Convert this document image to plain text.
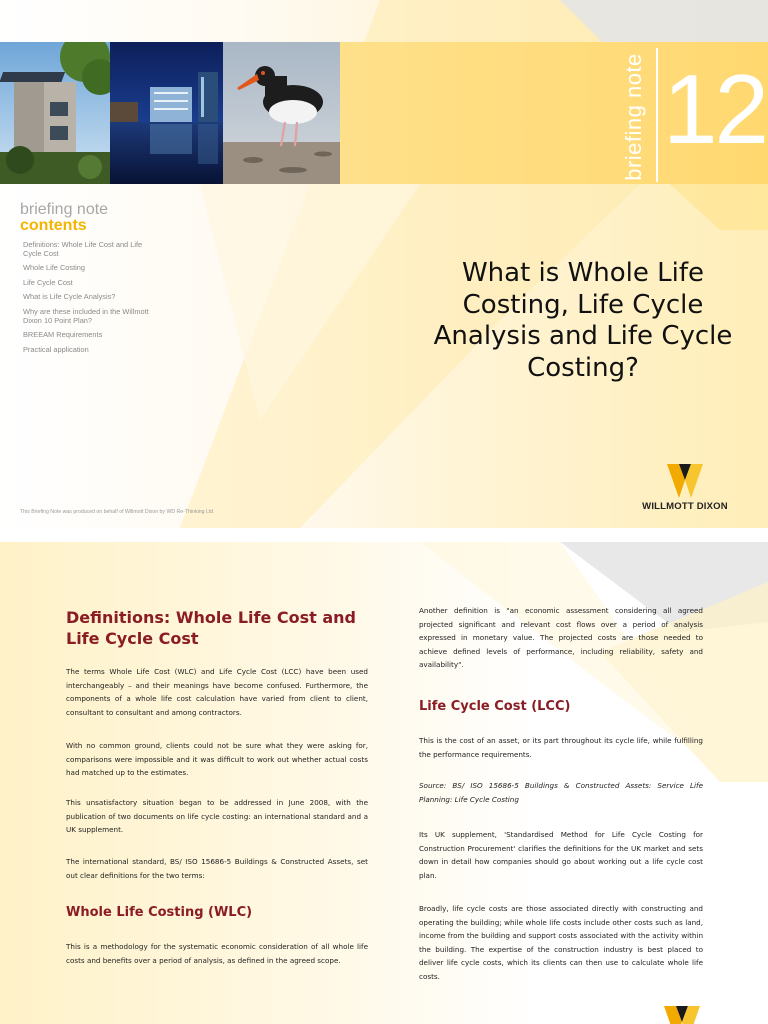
briefing note 12
briefing note
contents
Definitions: Whole Life Cost and Life Cycle Cost
Whole Life Costing
Life Cycle Cost
What is Life Cycle Analysis?
Why are these included in the Willmott Dixon 10 Point Plan?
BREEAM Requirements
Practical application
What is Whole Life Costing, Life Cycle Analysis and Life Cycle Costing?
WILLMOTT DIXON
This Briefing Note was produced on behalf of Willmott Dixon by WD Re-Thinking Ltd
Definitions: Whole Life Cost and Life Cycle Cost
The terms Whole Life Cost (WLC) and Life Cycle Cost (LCC) have been used interchangeably – and their meanings have become confused. Furthermore, the components of a whole life cost calculation have varied from client to client, consultant to consultant and among contractors.
With no common ground, clients could not be sure what they were asking for, comparisons were impossible and it was difficult to work out whether actual costs had matched up to the estimates.
This unsatisfactory situation began to be addressed in June 2008, with the publication of two documents on life cycle costing: an international standard and a UK supplement.
The international standard, BS/ ISO 15686-5 Buildings & Constructed Assets, set out clear definitions for the two terms:
Whole Life Costing (WLC)
This is a methodology for the systematic economic consideration of all whole life costs and benefits over a period of analysis, as defined in the agreed scope.
Another definition is "an economic assessment considering all agreed projected significant and relevant cost flows over a period of analysis expressed in monetary value. The projected costs are those needed to achieve defined levels of performance, including reliability, safety and availability".
Life Cycle Cost (LCC)
This is the cost of an asset, or its part throughout its cycle life, while fulfilling the performance requirements.
Source: BS/ ISO 15686-5 Buildings & Constructed Assets: Service Life Planning: Life Cycle Costing
Its UK supplement, 'Standardised Method for Life Cycle Costing for Construction Procurement' clarifies the definitions for the UK market and sets down in detail how companies should go about working out a life cycle cost plan.
Broadly, life cycle costs are those associated directly with constructing and operating the building; while whole life costs include other costs such as land, income from the building and support costs associated with the activity within the building. The expertise of the construction industry is best placed to deliver life cycle costs, which its clients can then use to calculate whole life costs.
